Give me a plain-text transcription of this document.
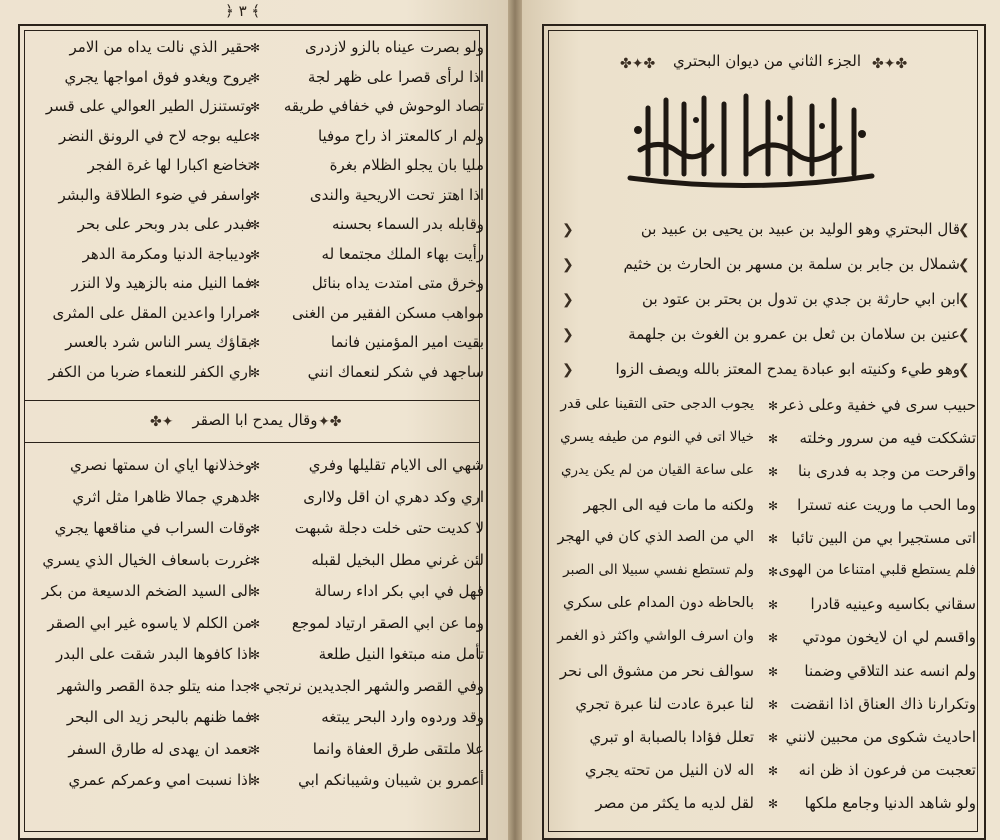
﴿ ٣ ﴾
ولو بصرت عيناه بالزو لازدرى
✻
حقير الذي نالت يداه من الامر
اذا لرأى قصرا على ظهر لجة
✻
يروح ويغدو فوق امواجها يجري
تصاد الوحوش في خفافي طريقه
✻
وتستنزل الطير العوالي على قسر
ولم ار كالمعتز اذ راح موفيا
✻
عليه بوجه لاح في الرونق النضر
مليا بان يجلو الظلام بغرة
✻
تخاضع اكبارا لها غرة الفجر
اذا اهتز تحت الاريحية والندى
✻
واسفر في ضوء الطلاقة والبشر
وقابله بدر السماء بحسنه
✻
فبدر على بدر وبحر على بحر
رأيت بهاء الملك مجتمعا له
✻
وديباجة الدنيا ومكرمة الدهر
وخرق متى امتدت يداه بنائل
✻
فما النيل منه بالزهيد ولا النزر
مواهب مسكن الفقير من الغنى
✻
مرارا واعدين المقل على المثرى
بقيت امير المؤمنين فانما
✻
بقاؤك يسر الناس شرد بالعسر
ساجهد في شكر لنعماك انني
✻
اري الكفر للنعماء ضربا من الكفر
✤✦	وقال يمدح ابا الصقر ✦✤
شهي الى الايام تقليلها وفري
✻
وخذلانها اياي ان سمتها نصري
اري وكد دهري ان اقل ولاارى
✻
لدهري جمالا ظاهرا مثل اثري
لا كديت حتى خلت دجلة شبهت
✻
وقات السراب في مناقعها يجري
لئن غرني مطل البخيل لقبله
✻
غررت باسعاف الخيال الذي يسري
فهل في ابي بكر اداء رسالة
✻
الى السيد الضخم الدسيعة من بكر
وما عن ابي الصقر ارتياد لموجع
✻
من الكلم لا ياسوه غير ابي الصقر
تأمل منه مبتغوا النيل طلعة
✻
اذا كافوها البدر شقت على البدر
وفي القصر والشهر الجديدين نرتجي
✻
جدا منه يتلو جدة القصر والشهر
وقد وردوه وارد البحر يبتغه
✻
فما ظنهم بالبحر زيد الى البحر
علا ملتقى طرق العفاة وانما
✻
تعمد ان يهدى له طارق السفر
أعمرو بن شيبان وشيبانكم ابي
✻
اذا نسبت امي وعمركم عمري
✤✦✤	الجزء الثاني من ديوان البحتري ✤✦✤
قال البحتري وهو الوليد بن عبيد بن يحيى بن عبيد بن
❮
❯
شملال بن جابر بن سلمة بن مسهر بن الحارث بن خثيم
❮
❯
ابن ابي حارثة بن جدي بن تدول بن بحتر بن عتود بن
❮
❯
عنين بن سلامان بن ثعل بن عمرو بن الغوث بن جلهمة
❮
❯
وهو طيء وكنيته ابو عبادة يمدح المعتز بالله ويصف الزوا
❮
❯
حبيب سرى في خفية وعلى ذعر
✻
يجوب الدجى حتى التقينا على قدر
تشككت فيه من سرور وخلته
✻
خيالا اتى في النوم من طيفه يسري
واقرحت من وجد به فدرى بنا
✻
على ساعة القيان من لم يكن يدري
وما الحب ما وريت عنه تسترا
✻
ولكنه ما مات فيه الى الجهر
اتى مستجيرا بي من البين تائبا
✻
الي من الصد الذي كان في الهجر
فلم يستطع قلبي امتناعا من الهوى
✻
ولم تستطع نفسي سبيلا الى الصبر
سقاني بكاسيه وعينيه قادرا
✻
بالحاظه دون المدام على سكري
واقسم لي ان لايخون مودتي
✻
وان اسرف الواشي واكثر ذو الغمر
ولم انسه عند التلاقي وضمنا
✻
سوالف نحر من مشوق الى نحر
وتكرارنا ذاك العناق اذا انقضت
✻
لنا عبرة عادت لنا عبرة تجري
احاديث شكوى من محبين لانني
✻
تعلل فؤادا بالصبابة او تبري
تعجبت من فرعون اذ ظن انه
✻
اله لان النيل من تحته يجري
ولو شاهد الدنيا وجامع ملكها
✻
لقل لديه ما يكثر من مصر
